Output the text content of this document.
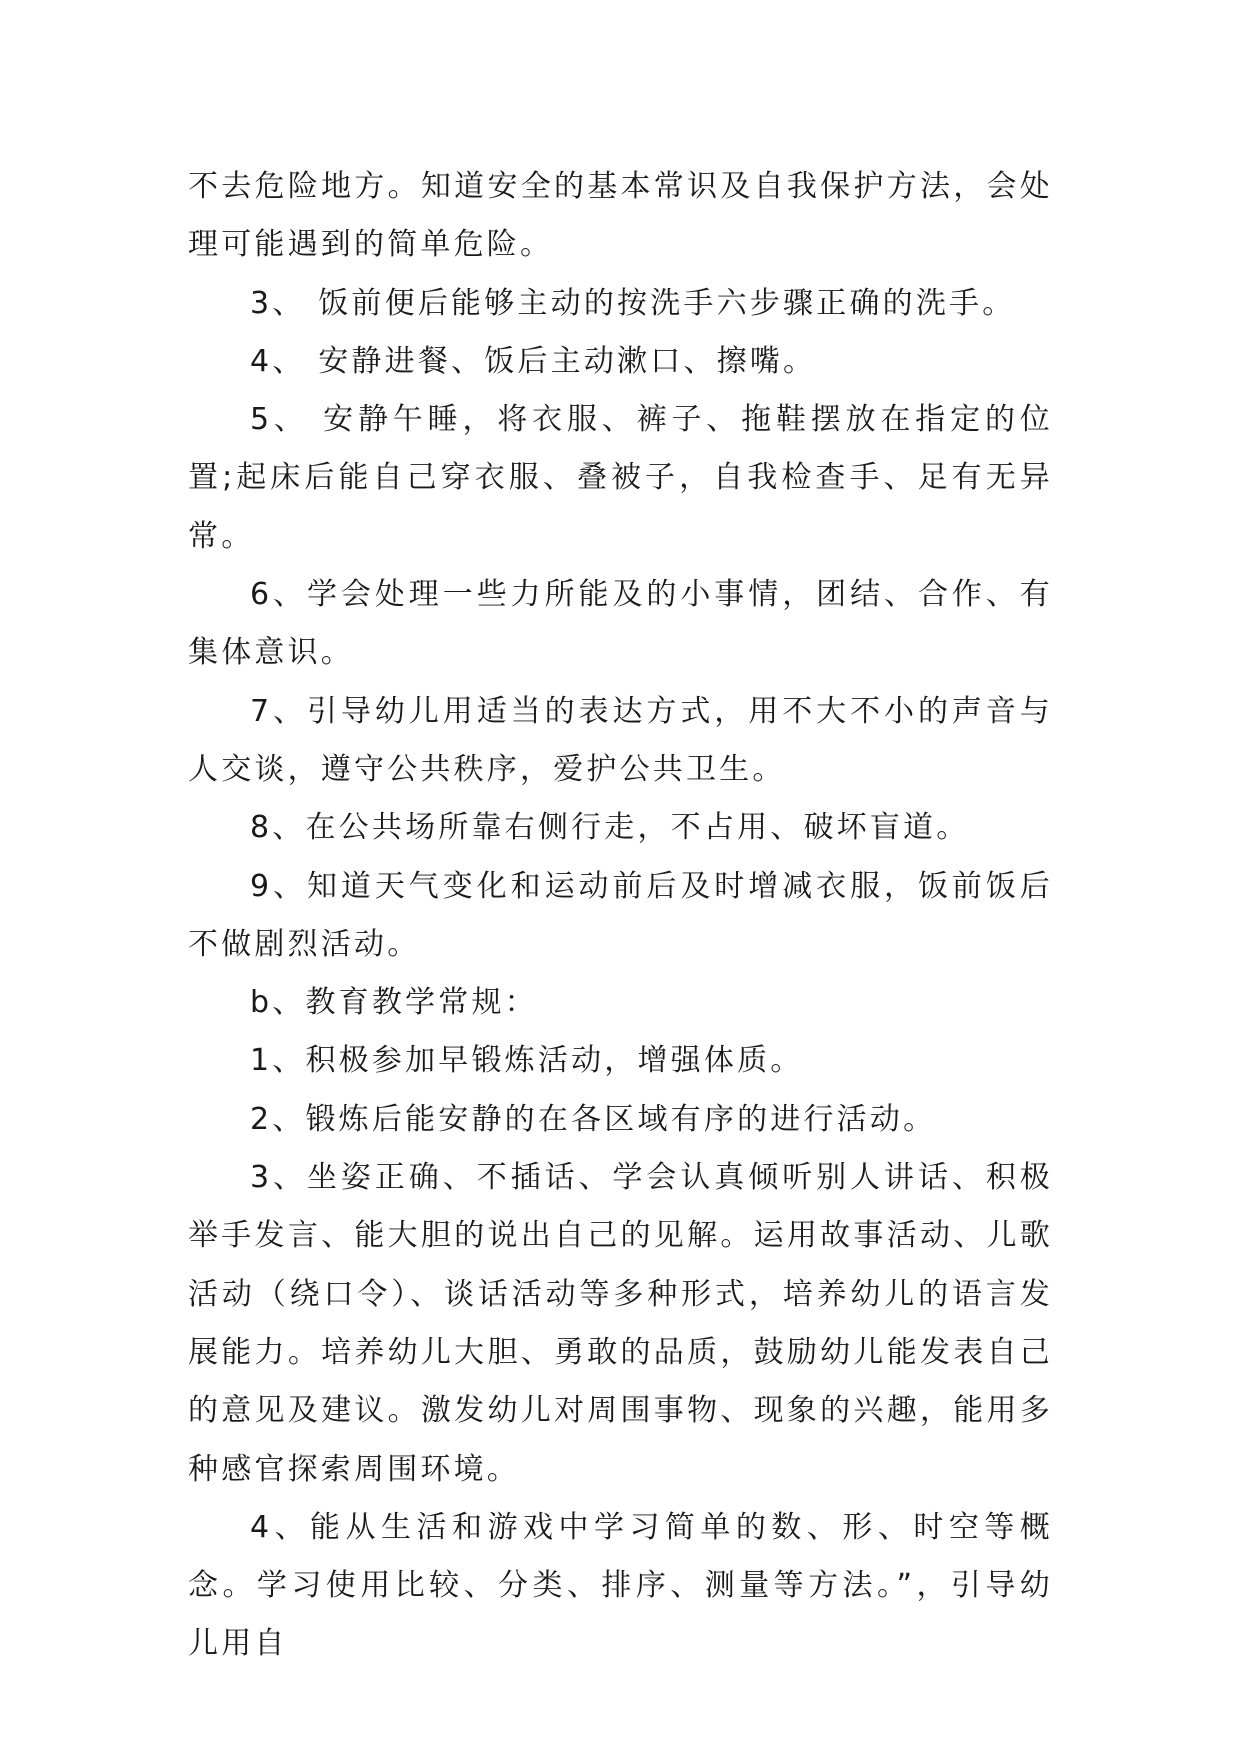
不去危险地方。知道安全的基本常识及自我保护方法，会处理可能遇到的简单危险。

3、 饭前便后能够主动的按洗手六步骤正确的洗手。

4、 安静进餐、饭后主动漱口、擦嘴。

5、 安静午睡，将衣服、裤子、拖鞋摆放在指定的位置;起床后能自己穿衣服、叠被子，自我检查手、足有无异常。

6、学会处理一些力所能及的小事情，团结、合作、有集体意识。

7、引导幼儿用适当的表达方式，用不大不小的声音与人交谈，遵守公共秩序，爱护公共卫生。

8、在公共场所靠右侧行走，不占用、破坏盲道。

9、知道天气变化和运动前后及时增减衣服，饭前饭后不做剧烈活动。

b、教育教学常规：

1、积极参加早锻炼活动，增强体质。

2、锻炼后能安静的在各区域有序的进行活动。

3、坐姿正确、不插话、学会认真倾听别人讲话、积极举手发言、能大胆的说出自己的见解。运用故事活动、儿歌活动（绕口令）、谈话活动等多种形式，培养幼儿的语言发展能力。培养幼儿大胆、勇敢的品质，鼓励幼儿能发表自己的意见及建议。激发幼儿对周围事物、现象的兴趣，能用多种感官探索周围环境。

4、能从生活和游戏中学习简单的数、形、时空等概念。学习使用比较、分类、排序、测量等方法。”，引导幼儿用自
